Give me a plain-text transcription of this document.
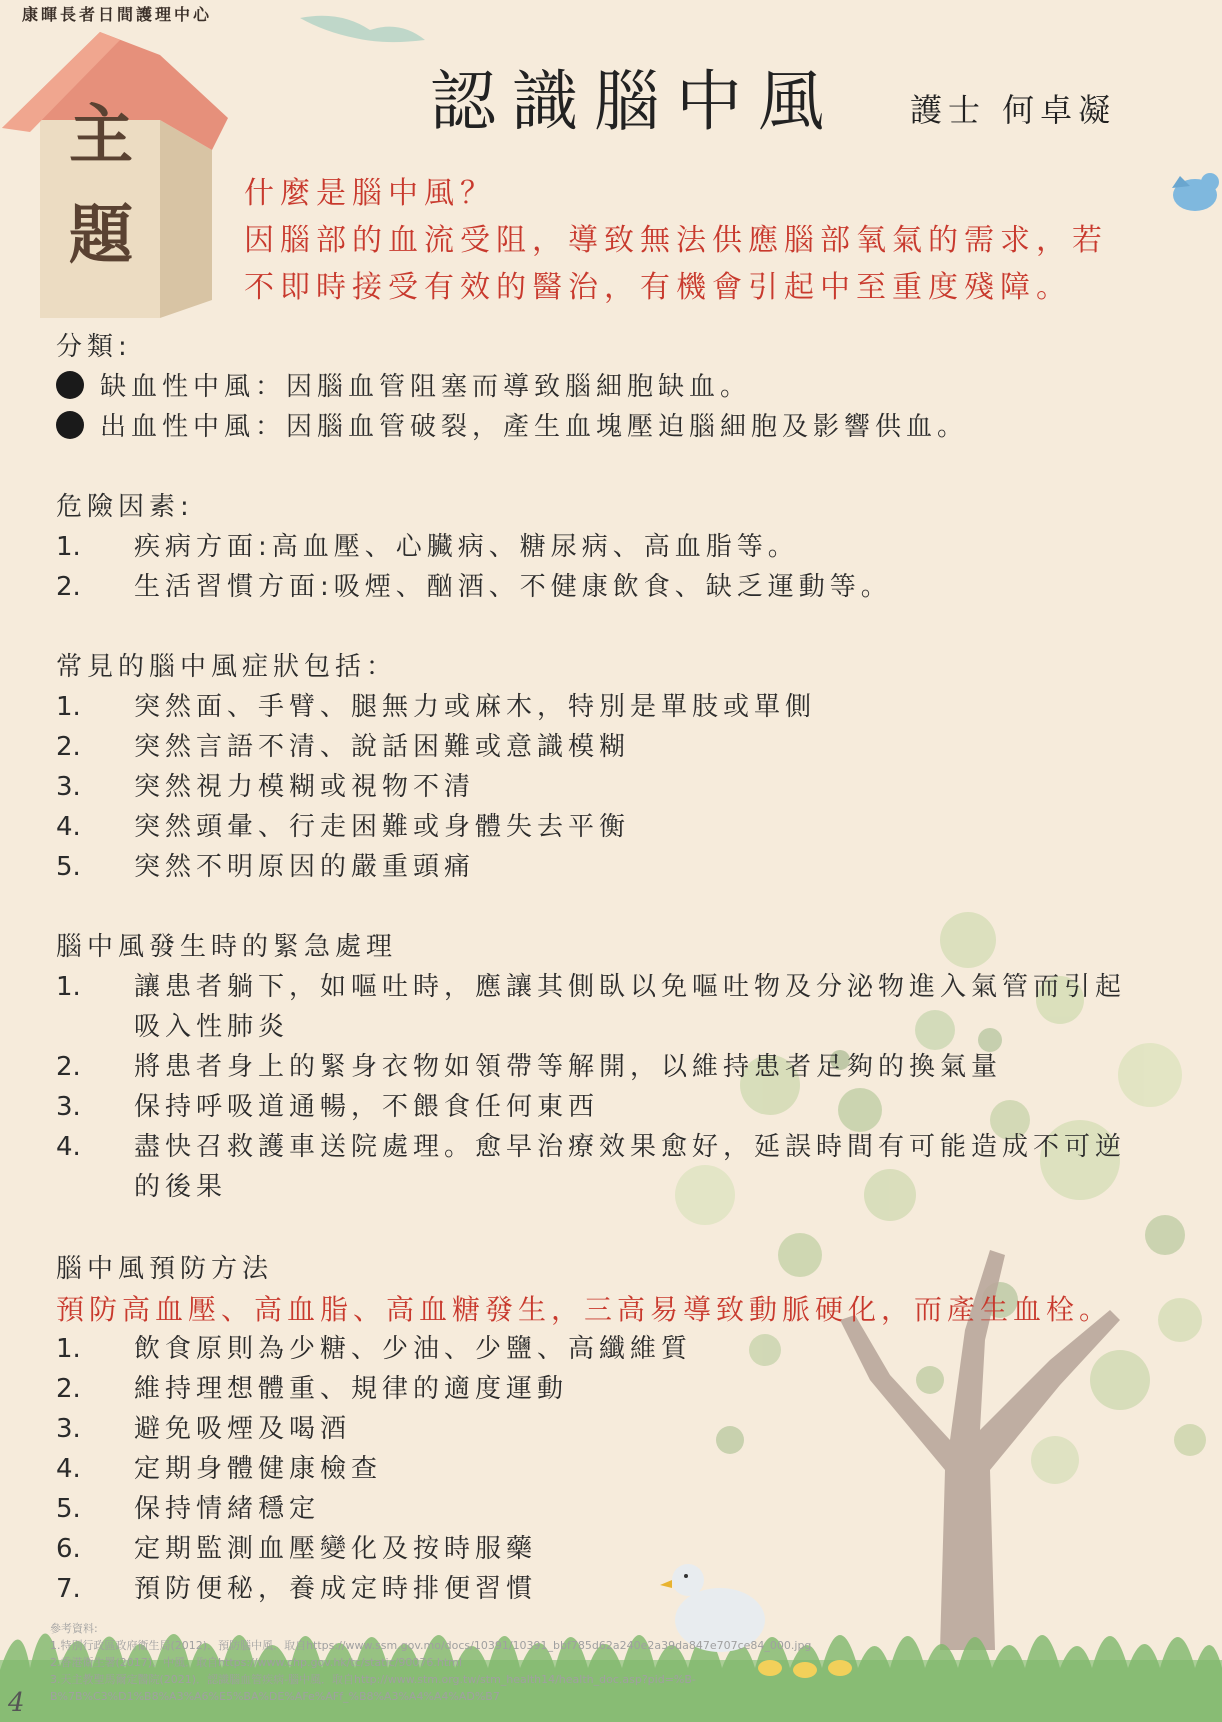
主
題
康暉長者日間護理中心
認識腦中風 護士 何卓凝
什麼是腦中風？
因腦部的血流受阻，導致無法供應腦部氧氣的需求，若
不即時接受有效的醫治，有機會引起中至重度殘障。
分類:
缺血性中風：因腦血管阻塞而導致腦細胞缺血。
出血性中風：因腦血管破裂，產生血塊壓迫腦細胞及影響供血。
危險因素:
1. 疾病方面:高血壓、心臟病、糖尿病、高血脂等。
2. 生活習慣方面:吸煙、酗酒、不健康飲食、缺乏運動等。
常見的腦中風症狀包括：
1. 突然面、手臂、腿無力或麻木，特別是單肢或單側
2. 突然言語不清、說話困難或意識模糊
3. 突然視力模糊或視物不清
4. 突然頭暈、行走困難或身體失去平衡
5. 突然不明原因的嚴重頭痛
腦中風發生時的緊急處理
1. 讓患者躺下，如嘔吐時，應讓其側臥以免嘔吐物及分泌物進入氣管而引起
吸入性肺炎
2. 將患者身上的緊身衣物如領帶等解開，以維持患者足夠的換氣量
3. 保持呼吸道通暢，不餵食任何東西
4. 盡快召救護車送院處理。愈早治療效果愈好，延誤時間有可能造成不可逆
的後果
腦中風預防方法
預防高血壓、高血脂、高血糖發生，三高易導致動脈硬化，而產生血栓。
1. 飲食原則為少糖、少油、少鹽、高纖維質
2. 維持理想體重、規律的適度運動
3. 避免吸煙及喝酒
4. 定期身體健康檢查
5. 保持情緒穩定
6. 定期監測血壓變化及按時服藥
7. 預防便秘，養成定時排便習慣
參考資料:
1.特別行政區政府衛生局(2012)．預防腦中風．取自https://www.ssm.gov.mo/docs/10391/10391_bbf785d62a240e2a39da847e707ce84_000.jpg
2.香港衛生署(2017)．中風．取自https://www.chp.gov.hk/tc/static/90076.html
3.天主教聖馬爾定醫院(2021)．認識腦血管疾病-腦中風．取自http://www.stm.org.tw/stm_health14/health_doc.asp?pid=%B-
B%7B%C3%D1%B8%A3%A6%E5%BA%DE%AFe%AFf_%B8%A3%A4%A4%AD%B7
4
